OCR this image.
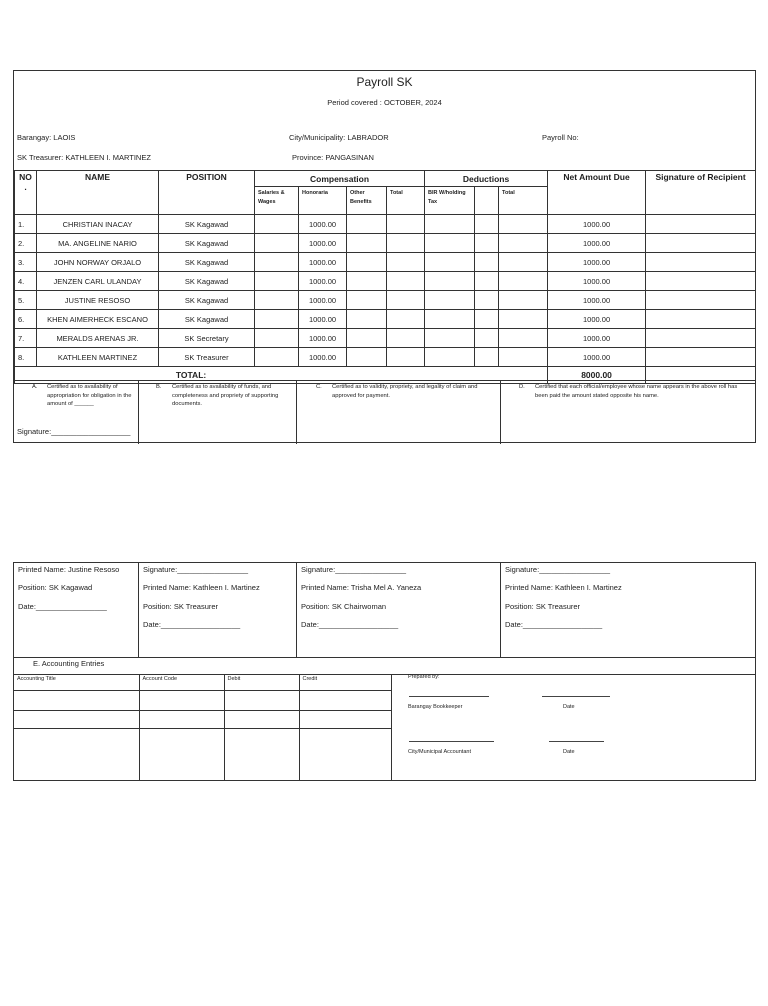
Payroll SK
Period covered : OCTOBER, 2024
Barangay: LAOIS	City/Municipality: LABRADOR	Payroll No:
SK Treasurer: KATHLEEN I. MARTINEZ	Province: PANGASINAN
NO
.	NAME	POSITION	Compensation				Deductions			Net Amount Due	Signature of Recipient
			Salaries & Wages	Honoraria	Other Benefits	Total	BIR W/holding Tax		Total		
1.	CHRISTIAN INACAY	SK Kagawad		1000.00						1000.00	
2.	MA. ANGELINE NARIO	SK Kagawad		1000.00						1000.00	
3.	JOHN NORWAY ORJALO	SK Kagawad		1000.00						1000.00	
4.	JENZEN CARL ULANDAY	SK Kagawad		1000.00						1000.00	
5.	JUSTINE RESOSO	SK Kagawad		1000.00						1000.00	
6.	KHEN AIMERHECK ESCANO	SK Kagawad		1000.00						1000.00	
7.	MERALDS ARENAS JR.	SK Secretary		1000.00						1000.00	
8.	KATHLEEN MARTINEZ	SK Treasurer		1000.00						1000.00	
TOTAL:										8000.00	
A. Certified as to availability of appropriation for obligation in the amount of ______
Signature:___________________
B. Certified as to availability of funds, and completeness and propriety of supporting documents.
C. Certified as to validity, propriety, and legality of claim and approved for payment.
D. Certified that each official/employee whose name appears in the above roll has been paid the amount stated opposite his name.
Printed Name: Justine Resoso
Position: SK Kagawad
Date:_________________
Signature:_________________
Printed Name: Kathleen I. Martinez
Position: SK Treasurer
Date:___________________
Signature:_________________
Printed Name: Trisha Mel A. Yaneza
Position: SK Chairwoman
Date:___________________
Signature:_________________
Printed Name: Kathleen I. Martinez
Position: SK Treasurer
Date:___________________
E. Accounting Entries
Accounting Title	Account Code	Debit	Credit

				Prepared by:
Barangay Bookkeeper	Date
City/Municipal Accountant	Date
